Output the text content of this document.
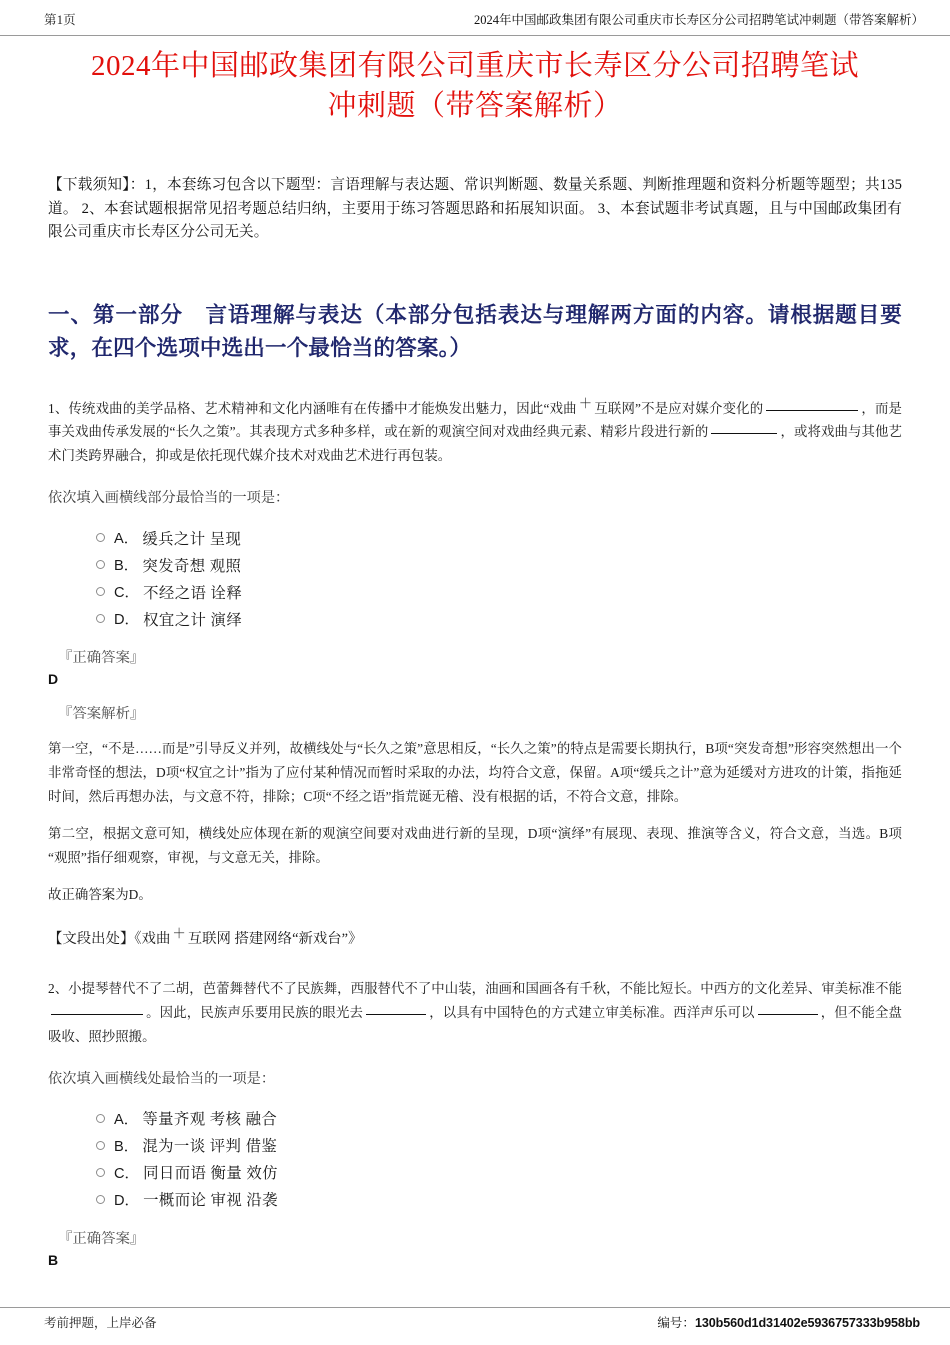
第1页	2024年中国邮政集团有限公司重庆市长寿区分公司招聘笔试冲刺题（带答案解析）
2024年中国邮政集团有限公司重庆市长寿区分公司招聘笔试冲刺题（带答案解析）

【下载须知】：1，本套练习包含以下题型：言语理解与表达题、常识判断题、数量关系题、判断推理题和资料分析题等题型；共135道。 2、本套试题根据常见招考题总结归纳，主要用于练习答题思路和拓展知识面。 3、本套试题非考试真题，且与中国邮政集团有限公司重庆市长寿区分公司无关。

一、第一部分　言语理解与表达（本部分包括表达与理解两方面的内容。请根据题目要求，在四个选项中选出一个最恰当的答案。）

1、传统戏曲的美学品格、艺术精神和文化内涵唯有在传播中才能焕发出魅力，因此“戏曲 ＋ 互联网”不是应对媒介变化的	，而是事关戏曲传承发展的“长久之策”。其表现方式多种多样，或在新的观演空间对戏曲经典元素、精彩片段进行新的	，或将戏曲与其他艺术门类跨界融合，抑或是依托现代媒介技术对戏曲艺术进行再包装。

依次填入画横线部分最恰当的一项是：

A． 缓兵之计 呈现
B． 突发奇想 观照
C． 不经之语 诠释
D． 权宜之计 演绎
『正确答案』
D
『答案解析』

第一空，“不是……而是”引导反义并列，故横线处与“长久之策”意思相反，“长久之策”的特点是需要长期执行，B项“突发奇想”形容突然想出一个非常奇怪的想法，D项“权宜之计”指为了应付某种情况而暂时采取的办法，均符合文意，保留。A项“缓兵之计”意为延缓对方进攻的计策，指拖延时间，然后再想办法，与文意不符，排除；C项“不经之语”指荒诞无稽、没有根据的话，不符合文意，排除。

第二空，根据文意可知，横线处应体现在新的观演空间要对戏曲进行新的呈现，D项“演绎”有展现、表现、推演等含义，符合文意，当选。B项“观照”指仔细观察，审视，与文意无关，排除。

故正确答案为D。

【文段出处】《戏曲 ＋ 互联网 搭建网络“新戏台”》

2、小提琴替代不了二胡，芭蕾舞替代不了民族舞，西服替代不了中山装，油画和国画各有千秋，不能比短长。中西方的文化差异、审美标准不能。因此，民族声乐要用民族的眼光去	，以具有中国特色的方式建立审美标准。西洋声乐可以	，但不能全盘吸收、照抄照搬。

依次填入画横线处最恰当的一项是：

A． 等量齐观 考核 融合
B． 混为一谈 评判 借鉴
C． 同日而语 衡量 效仿
D． 一概而论 审视 沿袭
『正确答案』
B
考前押题，上岸必备	编号：130b560d1d31402e5936757333b958bb
